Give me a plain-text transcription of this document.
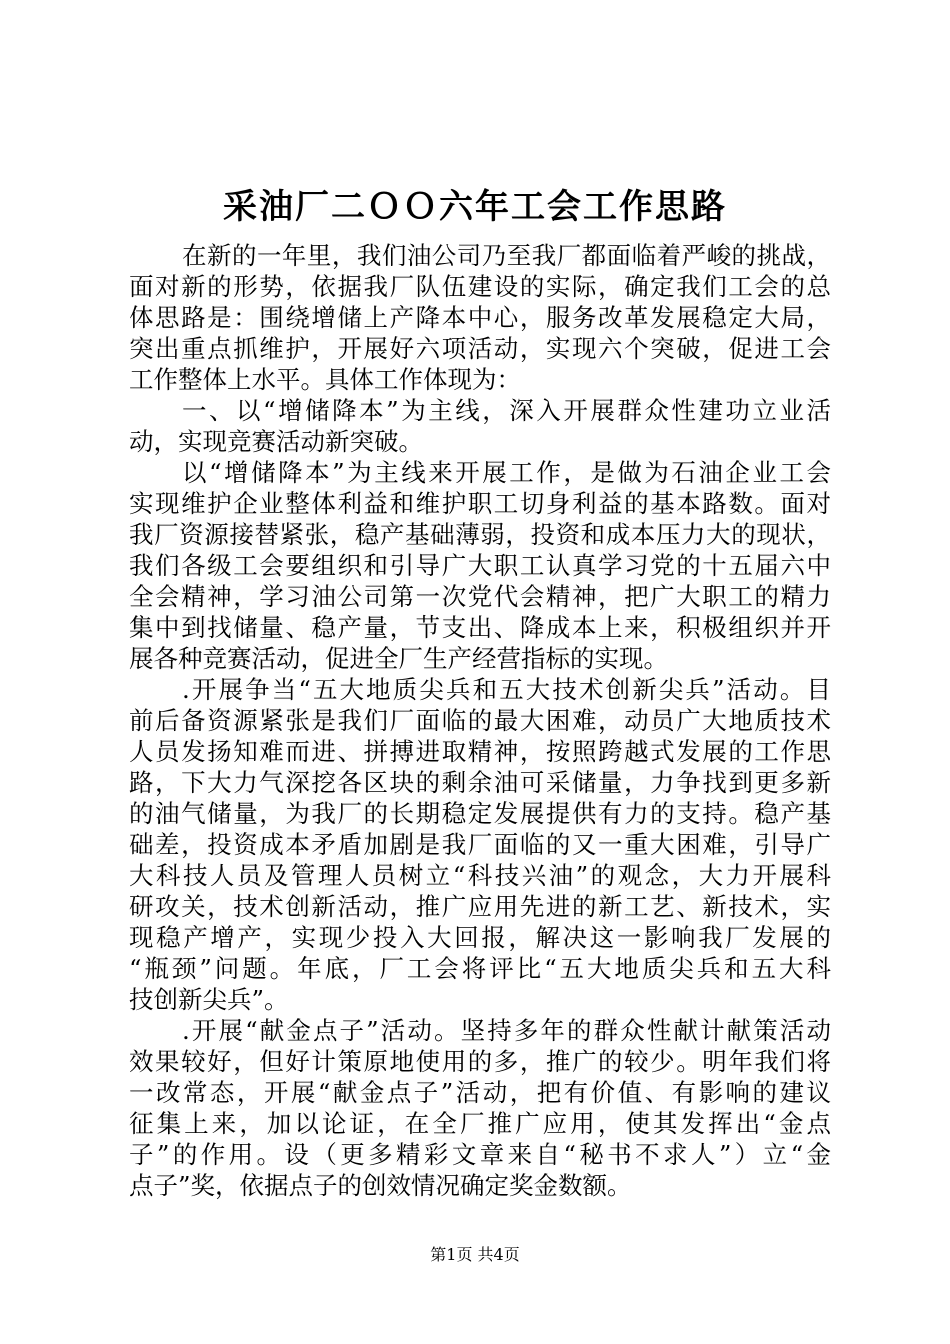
采油厂二ＯＯ六年工会工作思路
在新的一年里，我们油公司乃至我厂都面临着严峻的挑战，
面对新的形势，依据我厂队伍建设的实际，确定我们工会的总
体思路是：围绕增储上产降本中心，服务改革发展稳定大局，
突出重点抓维护，开展好六项活动，实现六个突破，促进工会
工作整体上水平。具体工作体现为：
一、以“增储降本”为主线，深入开展群众性建功立业活
动，实现竞赛活动新突破。
以“增储降本”为主线来开展工作，是做为石油企业工会
实现维护企业整体利益和维护职工切身利益的基本路数。面对
我厂资源接替紧张，稳产基础薄弱，投资和成本压力大的现状，
我们各级工会要组织和引导广大职工认真学习党的十五届六中
全会精神，学习油公司第一次党代会精神，把广大职工的精力
集中到找储量、稳产量，节支出、降成本上来，积极组织并开
展各种竞赛活动，促进全厂生产经营指标的实现。
.开展争当“五大地质尖兵和五大技术创新尖兵”活动。目
前后备资源紧张是我们厂面临的最大困难，动员广大地质技术
人员发扬知难而进、拼搏进取精神，按照跨越式发展的工作思
路，下大力气深挖各区块的剩余油可采储量，力争找到更多新
的油气储量，为我厂的长期稳定发展提供有力的支持。稳产基
础差，投资成本矛盾加剧是我厂面临的又一重大困难，引导广
大科技人员及管理人员树立“科技兴油”的观念，大力开展科
研攻关，技术创新活动，推广应用先进的新工艺、新技术，实
现稳产增产，实现少投入大回报，解决这一影响我厂发展的
“瓶颈”问题。年底，厂工会将评比“五大地质尖兵和五大科
技创新尖兵”。
.开展“献金点子”活动。坚持多年的群众性献计献策活动
效果较好，但好计策原地使用的多，推广的较少。明年我们将
一改常态，开展“献金点子”活动，把有价值、有影响的建议
征集上来，加以论证，在全厂推广应用，使其发挥出“金点
子”的作用。设（更多精彩文章来自“秘书不求人”）立“金
点子”奖，依据点子的创效情况确定奖金数额。
第1页 共4页
